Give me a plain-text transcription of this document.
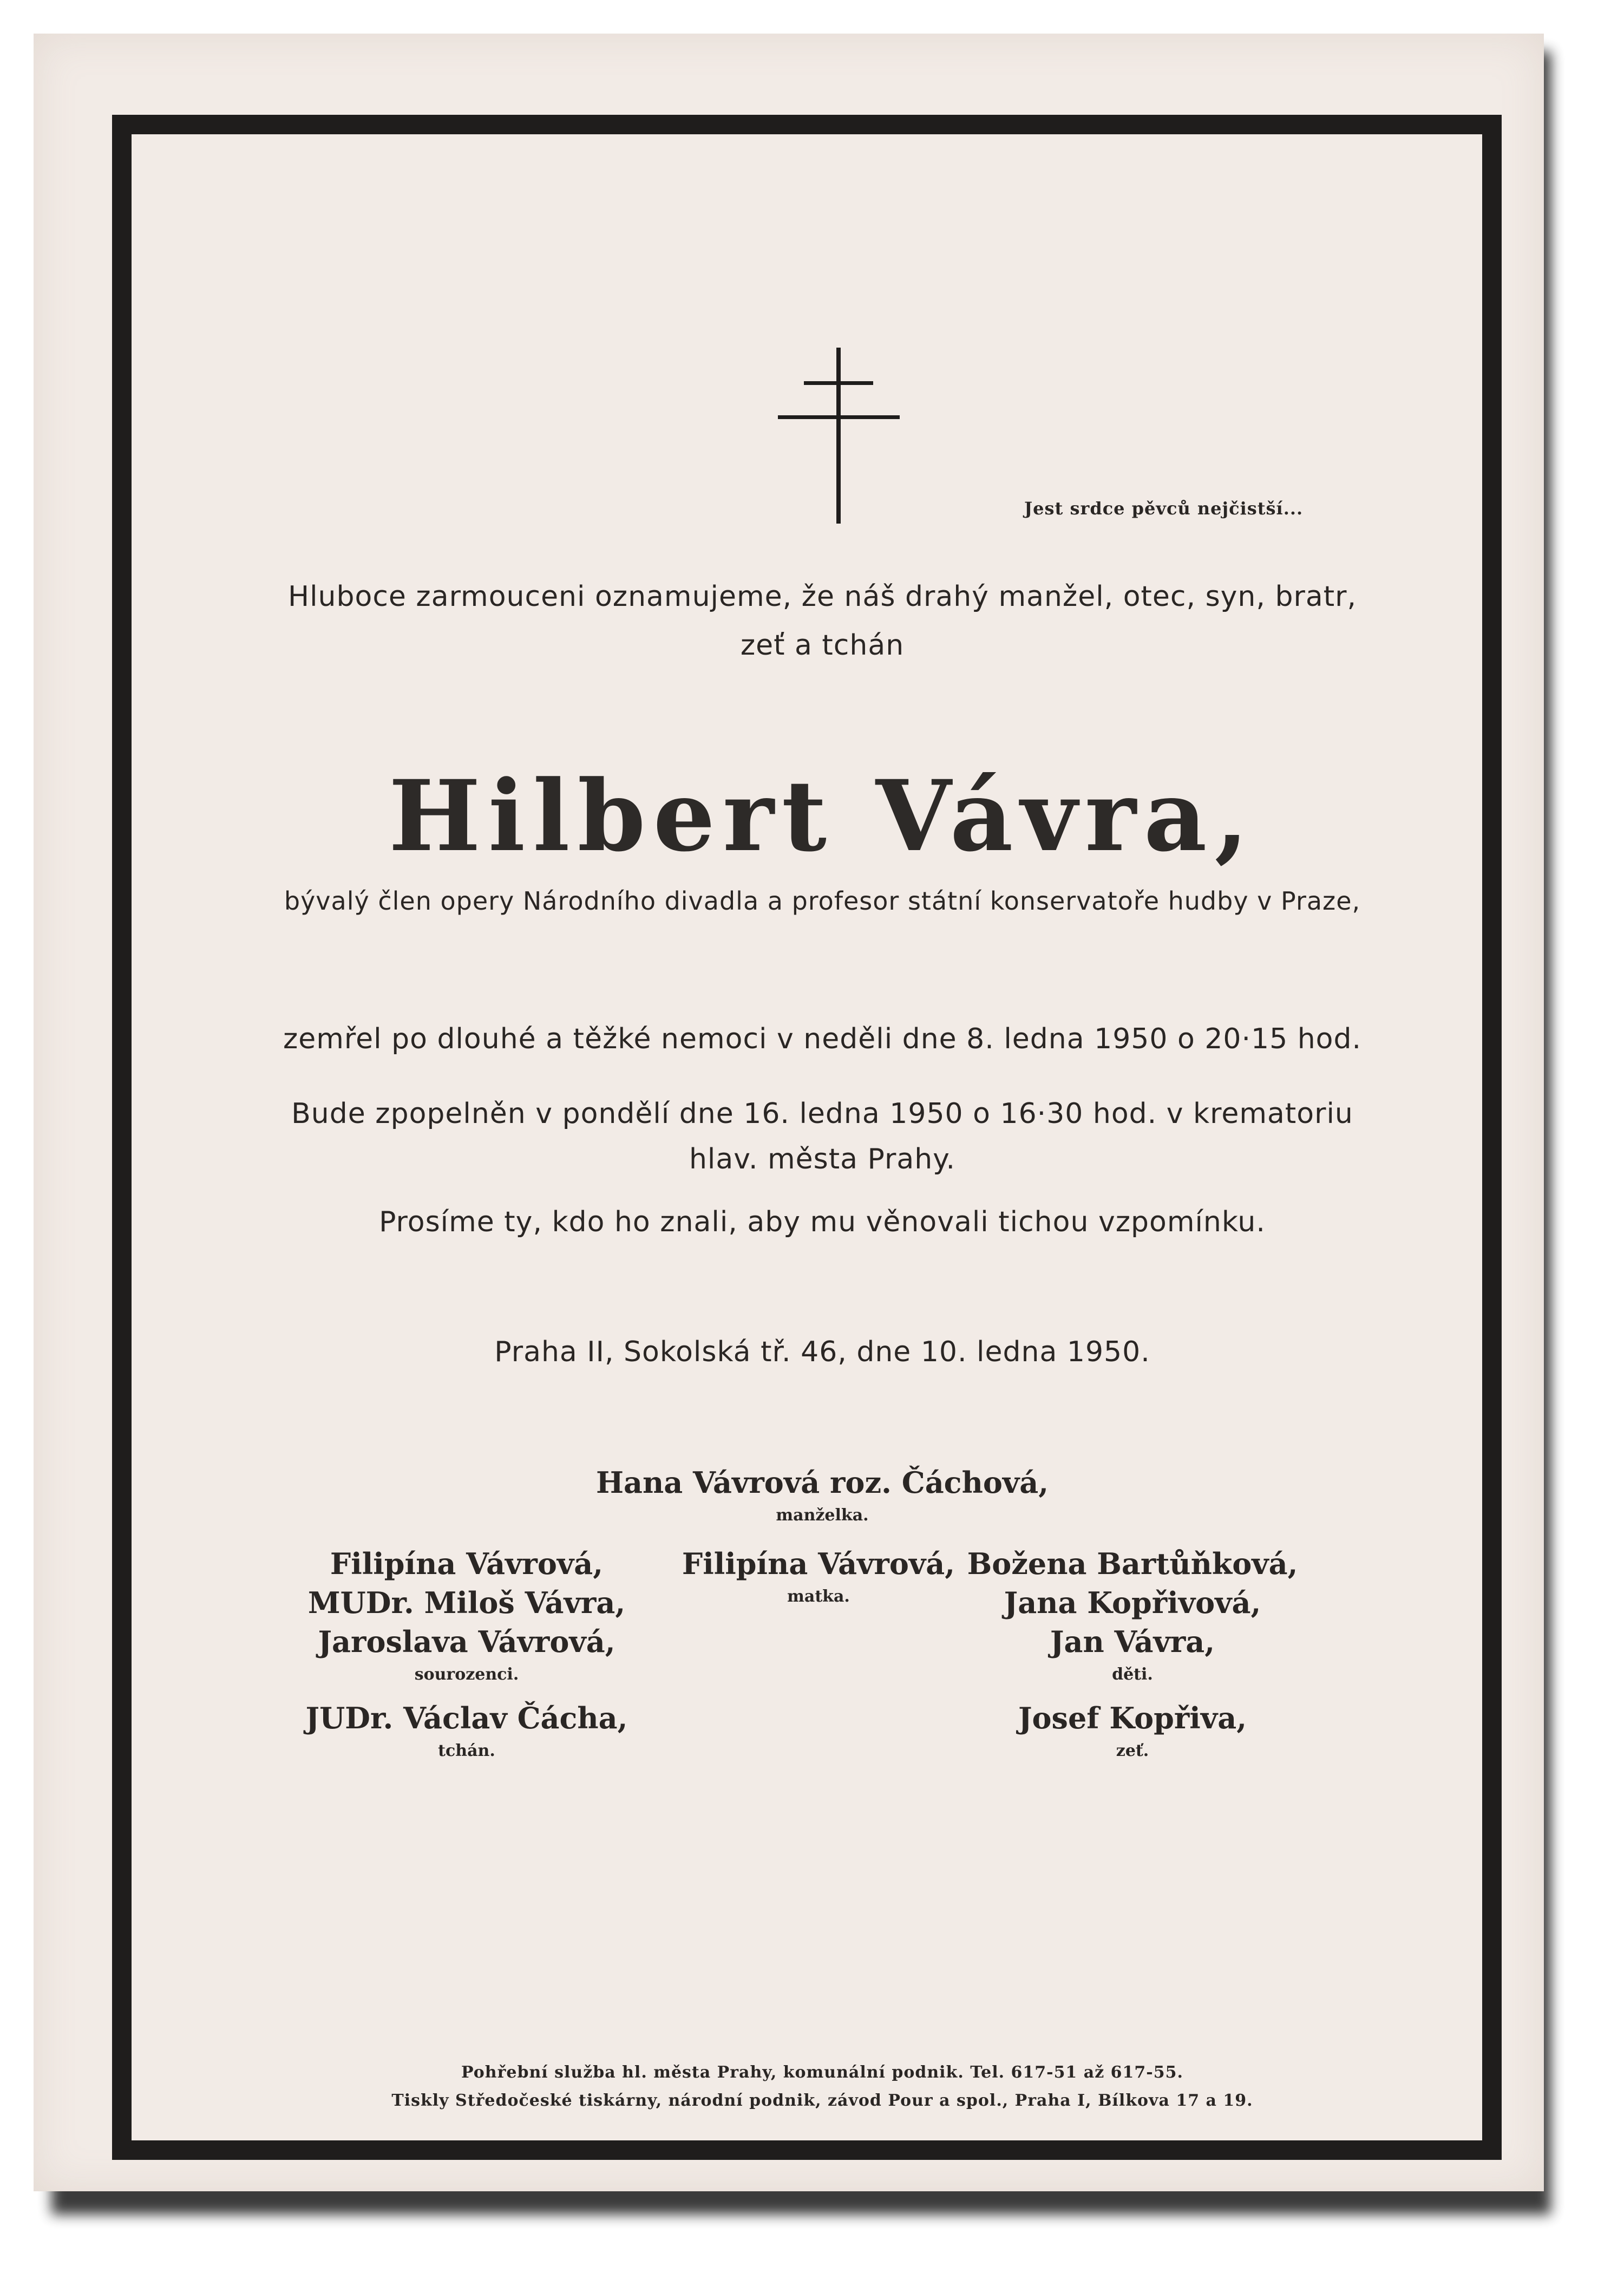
Jest srdce pěvců nejčistší...
Hluboce zarmouceni oznamujeme, že náš drahý manžel, otec, syn, bratr,
zeť a tchán
Hilbert Vávra,
bývalý člen opery Národního divadla a profesor státní konservatoře hudby v Praze,
zemřel po dlouhé a těžké nemoci v neděli dne 8. ledna 1950 o 20·15 hod.
Bude zpopelněn v pondělí dne 16. ledna 1950 o 16·30 hod. v krematoriu
hlav. města Prahy.
Prosíme ty, kdo ho znali, aby mu věnovali tichou vzpomínku.
Praha II, Sokolská tř. 46, dne 10. ledna 1950.
Hana Vávrová roz. Čáchová,
manželka.
Filipína Vávrová,
MUDr. Miloš Vávra,
Jaroslava Vávrová,
sourozenci.
Filipína Vávrová,
matka.
Božena Bartůňková,
Jana Kopřivová,
Jan Vávra,
děti.
JUDr. Václav Čácha,
tchán.
Josef Kopřiva,
zeť.
Pohřební služba hl. města Prahy, komunální podnik. Tel. 617-51 až 617-55.
Tiskly Středočeské tiskárny, národní podnik, závod Pour a spol., Praha I, Bílkova 17 a 19.
